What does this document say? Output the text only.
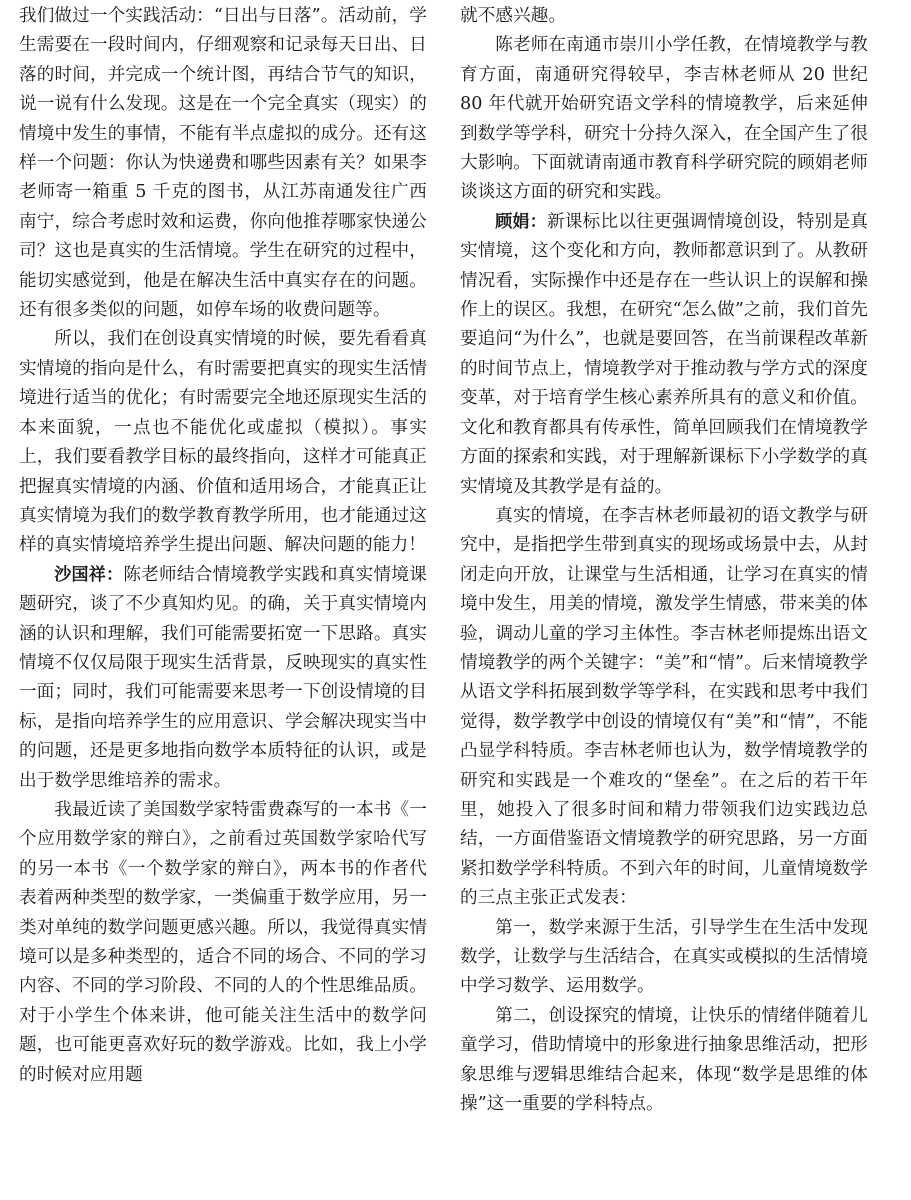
我们做过一个实践活动：“日出与日落”。活动前，学生需要在一段时间内，仔细观察和记录每天日出、日落的时间，并完成一个统计图，再结合节气的知识，说一说有什么发现。这是在一个完全真实（现实）的情境中发生的事情，不能有半点虚拟的成分。还有这样一个问题：你认为快递费和哪些因素有关？如果李老师寄一箱重 5 千克的图书，从江苏南通发往广西南宁，综合考虑时效和运费，你向他推荐哪家快递公司？这也是真实的生活情境。学生在研究的过程中，能切实感觉到，他是在解决生活中真实存在的问题。还有很多类似的问题，如停车场的收费问题等。

所以，我们在创设真实情境的时候，要先看看真实情境的指向是什么，有时需要把真实的现实生活情境进行适当的优化；有时需要完全地还原现实生活的本来面貌，一点也不能优化或虚拟（模拟）。事实上，我们要看教学目标的最终指向，这样才可能真正把握真实情境的内涵、价值和适用场合，才能真正让真实情境为我们的数学教育教学所用，也才能通过这样的真实情境培养学生提出问题、解决问题的能力！

沙国祥：陈老师结合情境教学实践和真实情境课题研究，谈了不少真知灼见。的确，关于真实情境内涵的认识和理解，我们可能需要拓宽一下思路。真实情境不仅仅局限于现实生活背景，反映现实的真实性一面；同时，我们可能需要来思考一下创设情境的目标，是指向培养学生的应用意识、学会解决现实当中的问题，还是更多地指向数学本质特征的认识，或是出于数学思维培养的需求。

我最近读了美国数学家特雷费森写的一本书《一个应用数学家的辩白》，之前看过英国数学家哈代写的另一本书《一个数学家的辩白》，两本书的作者代表着两种类型的数学家，一类偏重于数学应用，另一类对单纯的数学问题更感兴趣。所以，我觉得真实情境可以是多种类型的，适合不同的场合、不同的学习内容、不同的学习阶段、不同的人的个性思维品质。对于小学生个体来讲，他可能关注生活中的数学问题，也可能更喜欢好玩的数学游戏。比如，我上小学的时候对应用题

就不感兴趣。

陈老师在南通市崇川小学任教，在情境教学与教育方面，南通研究得较早，李吉林老师从 20 世纪 80 年代就开始研究语文学科的情境教学，后来延伸到数学等学科，研究十分持久深入，在全国产生了很大影响。下面就请南通市教育科学研究院的顾娟老师谈谈这方面的研究和实践。

顾娟：新课标比以往更强调情境创设，特别是真实情境，这个变化和方向，教师都意识到了。从教研情况看，实际操作中还是存在一些认识上的误解和操作上的误区。我想，在研究“怎么做”之前，我们首先要追问“为什么”，也就是要回答，在当前课程改革新的时间节点上，情境教学对于推动教与学方式的深度变革，对于培育学生核心素养所具有的意义和价值。文化和教育都具有传承性，简单回顾我们在情境教学方面的探索和实践，对于理解新课标下小学数学的真实情境及其教学是有益的。

真实的情境，在李吉林老师最初的语文教学与研究中，是指把学生带到真实的现场或场景中去，从封闭走向开放，让课堂与生活相通，让学习在真实的情境中发生，用美的情境，激发学生情感，带来美的体验，调动儿童的学习主体性。李吉林老师提炼出语文情境教学的两个关键字：“美”和“情”。后来情境教学从语文学科拓展到数学等学科，在实践和思考中我们觉得，数学教学中创设的情境仅有“美”和“情”，不能凸显学科特质。李吉林老师也认为，数学情境教学的研究和实践是一个难攻的“堡垒”。在之后的若干年里，她投入了很多时间和精力带领我们边实践边总结，一方面借鉴语文情境教学的研究思路，另一方面紧扣数学学科特质。不到六年的时间，儿童情境数学的三点主张正式发表：

第一，数学来源于生活，引导学生在生活中发现数学，让数学与生活结合，在真实或模拟的生活情境中学习数学、运用数学。

第二，创设探究的情境，让快乐的情绪伴随着儿童学习，借助情境中的形象进行抽象思维活动，把形象思维与逻辑思维结合起来，体现“数学是思维的体操”这一重要的学科特点。
